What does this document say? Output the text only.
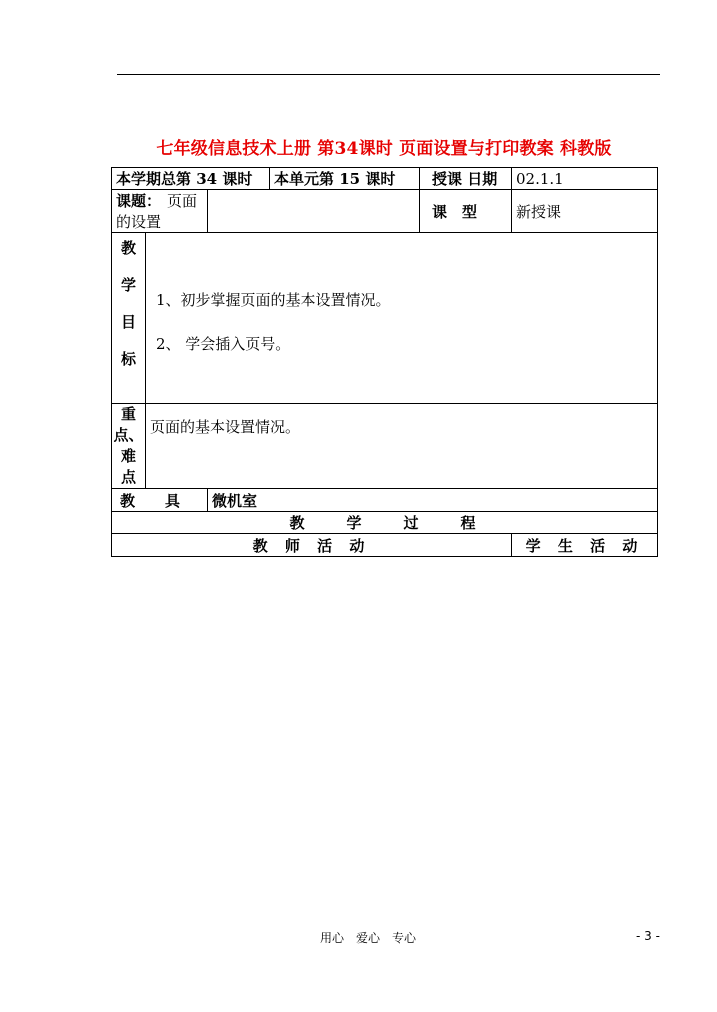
七年级信息技术上册 第34课时 页面设置与打印教案 科教版
本学期总第 34 课时			本单元第 15 课时	授课 日期	02.1.1
课题： 页面的设置				课　型	新授课

教
学
目
标	1、初步掌握页面的基本设置情况。
2、 学会插入页号。				

重
点、
难
点	页面的基本设置情况。				
教　　具		微机室			
教　　学　　过　　程					
教 师 活 动					学 生 活 动
用心　爱心　专心	- 3 -
